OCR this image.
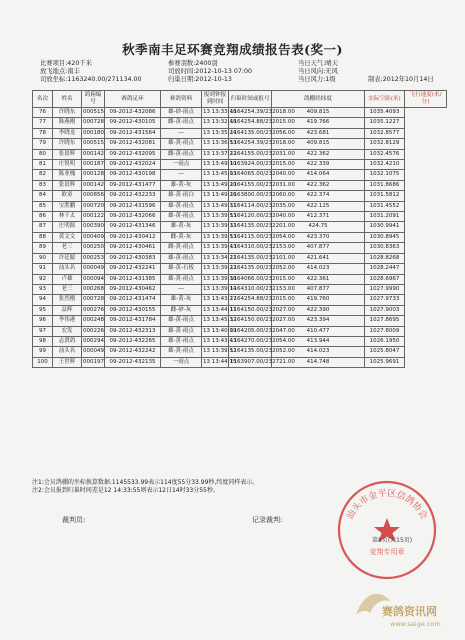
秋季南丰足环赛竞翔成绩报告表(奖一)
比赛项目:420千米
放飞地点:南丰
司放坐标:1163240.00/271134.00
参赛羽数:2400羽
司放时间:2012-10-13 07:00
归巢日期:2012-10-13
当日天气:晴天
当日风向:无风
当日风力:1级	制表:2012年10月14日
名次	姓名	鸽箱编号	赛鸽足环	赛鸽资料	报到钟报到时间	归巢时间或报号	鸽棚经纬度	实际空距(米)	飞行速度(米/分)
76	许晓东	000515	09-2012-432086	雄-砂-雨点	13 13:33:48	1164254.39/232018.00	409.815	1035.4093	
77	陈燕刚	000728	09-2012-430105	雌-黄-雨点	13 13:32:48	1164254.88/232015.00	419.766	1035.1227	
78	李晓龙	000180	09-2012-431564	---	13 13:35:24	1164135.00/232056.00	423.681	1032.8577	
79	许晓东	000515	09-2012-432081	雄-黄-雨点	13 13:36:53	1164254.39/232018.00	409.815	1032.8129	
80	张晨辉	000142	09-2012-432095	雌-黄-雨点	13 13:37:22	1164155.00/232031.00	422.362	1032.4576	
81	庄锐明	000187	09-2012-432024	一雨点	13 13:49:10	1163924.00/232015.00	422.339	1032.4210	
82	陈业槐	000128	09-2012-430198	---	13 13:45:03	1164065.00/232040.00	414.064	1032.1075	
83	张晨辉	000142	09-2012-431477	雄-黄-灰	13 13:49:20	1164155.00/232031.00	422.362	1031.8686	
84	欧童	000856	09-2012-432233	雄-黄-雨白	13 13:49:26	1163800.00/232060.00	422.374	1031.5812	
85	宝胜鹏	000720	09-2012-431596	雄-黄-雨点	13 13:49:31	1164114.00/232035.00	422.125	1031.4552	
86	林千太	000122	09-2012-432066	雄-黄-雨点	13 13:39:53	1164120.00/232040.00	412.371	1031.2091	
87	庄明源	000390	09-2012-431346	雄-黄-灰	13 13:39:31	1164135.00/232201.00	424.75	1030.9941	
88	黄文文	000409	09-2012-430412	雌-黄-灰	13 13:39:53	1164115.00/232054.00	423.370	1030.8945	
89	老三	000250	09-2012-430461	雌-黄-雨点	13 13:39:43	1164310.00/232153.00	407.877	1030.8363	
90	许廷聪	000253	09-2012-430383	雄-黄-雨点	13 13:34:21	1164135.00/232101.00	421.641	1028.8268	
91	汕头名	000049	09-2012-432241	雄-黄-石板	13 13:39:22	1164135.00/232052.00	414.023	1028.2447	
92	卢雄	000094	09-2012-431385	雄-黄-雨点	13 13:39:38	1164066.00/232015.00	422.361	1028.6967	
93	老三	000268	09-2012-430462	---	13 13:39:14	1164310.00/232153.00	407.877	1027.9990	
94	张烈刚	000728	09-2012-431474	雄-黄-灰	13 13:43:27	1164254.88/232015.00	419.760	1027.9733	
95	益辉	000276	09-2012-430155	雌-砂-灰	13 13:44:11	1164150.00/232027.00	422.390	1027.9003	
96	李伟港	000248	09-2012-431784	雄-黄-雨点	13 13:45:32	1164150.00/232027.00	423.394	1027.8695	
97	宏发	000226	09-2012-432313	雄-黄-雨点	13 13:40:09	1164205.00/232047.00	410.477	1027.8009	
98	志贤鸽	000294	09-2012-432265	雄-黄-雨点	13 13:43:43	1164270.00/232054.00	413.944	1026.1950	
99	汕头名	000049	09-2012-432242	雄-黄-雨点	13 13:39:52	1164135.00/232052.00	414.023	1025.8047	
100	王世辉	000197	09-2012-432135	一雨点	13 13:44:15	1163907.00/232721.00	414.748	1025.9691	
注1:会员鸽棚的坐标换算数据:1145533.99表示114度55分33.99秒,纬度同样表示。
注2:会员报到归巢时间差是12 14:33:55则表示12日14时33分55秒。
裁判员:	记录裁判:	汕头市金平区信鸽协会
竞翔专用章
第8页(共15页)
赛鸽资讯网
www.saige.com
